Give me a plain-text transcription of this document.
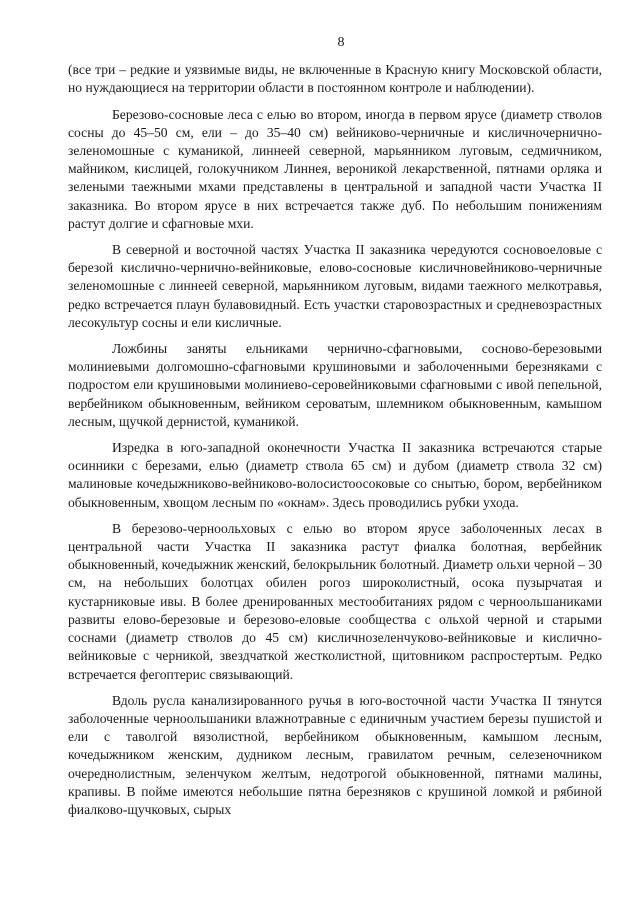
8

(все три – редкие и уязвимые виды, не включенные в Красную книгу Московской области, но нуждающиеся на территории области в постоянном контроле и наблюдении).

Березово-сосновые леса с елью во втором, иногда в первом ярусе (диаметр стволов сосны до 45–50 см, ели – до 35–40 см) вейниково-черничные и кисличночернично-зеленомошные с куманикой, линнеей северной, марьянником луговым, седмичником, майником, кислицей, голокучником Линнея, вероникой лекарственной, пятнами орляка и зелеными таежными мхами представлены в центральной и западной части Участка II заказника. Во втором ярусе в них встречается также дуб. По небольшим понижениям растут долгие и сфагновые мхи.

В северной и восточной частях Участка II заказника чередуются сосновоеловые с березой кислично-чернично-вейниковые, елово-сосновые кисличновейниково-черничные зеленомошные с линнеей северной, марьянником луговым, видами таежного мелкотравья, редко встречается плаун булавовидный. Есть участки старовозрастных и средневозрастных лесокультур сосны и ели кисличные.

Ложбины заняты ельниками чернично-сфагновыми, сосново-березовыми молиниевыми долгомошно-сфагновыми крушиновыми и заболоченными березняками с подростом ели крушиновыми молиниево-серовейниковыми сфагновыми с ивой пепельной, вербейником обыкновенным, вейником сероватым, шлемником обыкновенным, камышом лесным, щучкой дернистой, куманикой.

Изредка в юго-западной оконечности Участка II заказника встречаются старые осинники с березами, елью (диаметр ствола 65 см) и дубом (диаметр ствола 32 см) малиновые кочедыжниково-вейниково-волосистоосоковые со снытью, бором, вербейником обыкновенным, хвощом лесным по «окнам». Здесь проводились рубки ухода.

В березово-черноольховых с елью во втором ярусе заболоченных лесах в центральной части Участка II заказника растут фиалка болотная, вербейник обыкновенный, кочедыжник женский, белокрыльник болотный. Диаметр ольхи черной – 30 см, на небольших болотцах обилен рогоз широколистный, осока пузырчатая и кустарниковые ивы. В более дренированных местообитаниях рядом с черноольшаниками развиты елово-березовые и березово-еловые сообщества с ольхой черной и старыми соснами (диаметр стволов до 45 см) кисличнозеленчуково-вейниковые и кислично-вейниковые с черникой, звездчаткой жестколистной, щитовником распростертым. Редко встречается фегоптерис связывающий.

Вдоль русла канализированного ручья в юго-восточной части Участка II тянутся заболоченные черноольшаники влажнотравные с единичным участием березы пушистой и ели с таволгой вязолистной, вербейником обыкновенным, камышом лесным, кочедыжником женским, дудником лесным, гравилатом речным, селезеночником очереднолистным, зеленчуком желтым, недотрогой обыкновенной, пятнами малины, крапивы. В пойме имеются небольшие пятна березняков с крушиной ломкой и рябиной фиалково-щучковых, сырых
